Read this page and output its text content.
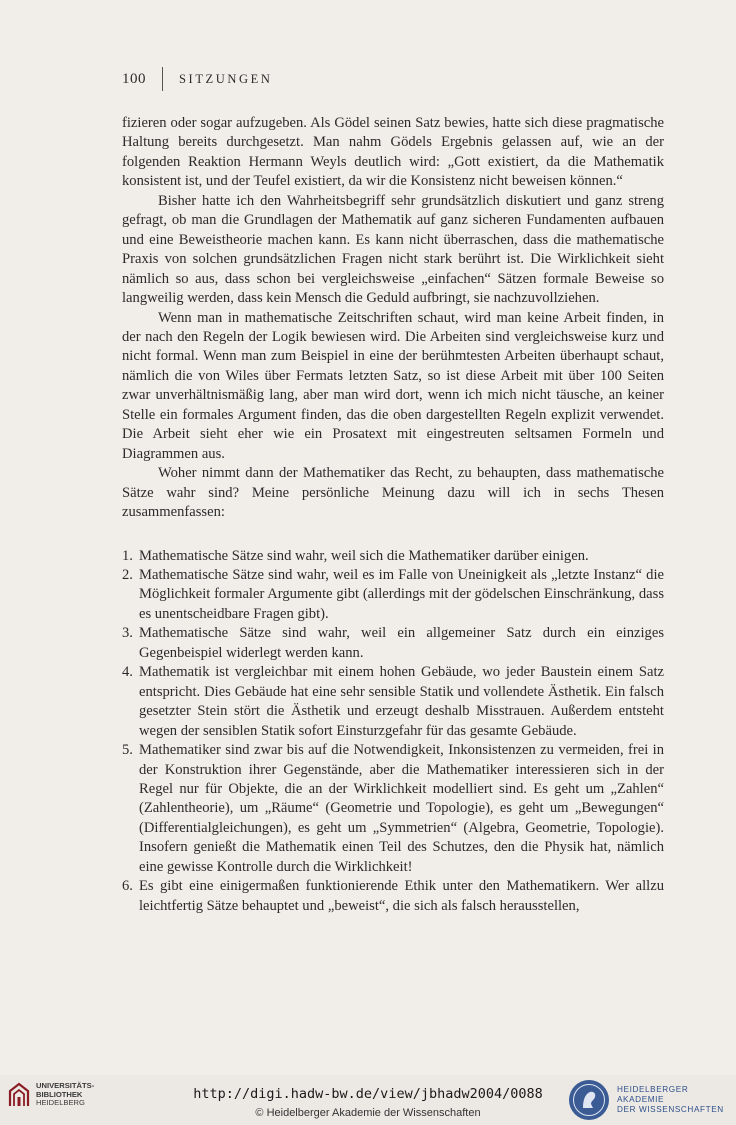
100	SITZUNGEN

fizieren oder sogar aufzugeben. Als Gödel seinen Satz bewies, hatte sich diese pragmatische Haltung bereits durchgesetzt. Man nahm Gödels Ergebnis gelassen auf, wie an der folgenden Reaktion Hermann Weyls deutlich wird: „Gott existiert, da die Mathematik konsistent ist, und der Teufel existiert, da wir die Konsistenz nicht beweisen können.“

Bisher hatte ich den Wahrheitsbegriff sehr grundsätzlich diskutiert und ganz streng gefragt, ob man die Grundlagen der Mathematik auf ganz sicheren Fundamenten aufbauen und eine Beweistheorie machen kann. Es kann nicht überraschen, dass die mathematische Praxis von solchen grundsätzlichen Fragen nicht stark berührt ist. Die Wirklichkeit sieht nämlich so aus, dass schon bei vergleichsweise „einfachen“ Sätzen formale Beweise so langweilig werden, dass kein Mensch die Geduld aufbringt, sie nachzuvollziehen.

Wenn man in mathematische Zeitschriften schaut, wird man keine Arbeit finden, in der nach den Regeln der Logik bewiesen wird. Die Arbeiten sind vergleichsweise kurz und nicht formal. Wenn man zum Beispiel in eine der berühmtesten Arbeiten überhaupt schaut, nämlich die von Wiles über Fermats letzten Satz, so ist diese Arbeit mit über 100 Seiten zwar unverhältnismäßig lang, aber man wird dort, wenn ich mich nicht täusche, an keiner Stelle ein formales Argument finden, das die oben dargestellten Regeln explizit verwendet. Die Arbeit sieht eher wie ein Prosatext mit eingestreuten seltsamen Formeln und Diagrammen aus.

Woher nimmt dann der Mathematiker das Recht, zu behaupten, dass mathematische Sätze wahr sind? Meine persönliche Meinung dazu will ich in sechs Thesen zusammenfassen:

1. Mathematische Sätze sind wahr, weil sich die Mathematiker darüber einigen.
2. Mathematische Sätze sind wahr, weil es im Falle von Uneinigkeit als „letzte Instanz“ die Möglichkeit formaler Argumente gibt (allerdings mit der gödelschen Einschränkung, dass es unentscheidbare Fragen gibt).
3. Mathematische Sätze sind wahr, weil ein allgemeiner Satz durch ein einziges Gegenbeispiel widerlegt werden kann.
4. Mathematik ist vergleichbar mit einem hohen Gebäude, wo jeder Baustein einem Satz entspricht. Dies Gebäude hat eine sehr sensible Statik und vollendete Ästhetik. Ein falsch gesetzter Stein stört die Ästhetik und erzeugt deshalb Misstrauen. Außerdem entsteht wegen der sensiblen Statik sofort Einsturzgefahr für das gesamte Gebäude.
5. Mathematiker sind zwar bis auf die Notwendigkeit, Inkonsistenzen zu vermeiden, frei in der Konstruktion ihrer Gegenstände, aber die Mathematiker interessieren sich in der Regel nur für Objekte, die an der Wirklichkeit modelliert sind. Es geht um „Zahlen“ (Zahlentheorie), um „Räume“ (Geometrie und Topologie), es geht um „Bewegungen“ (Differentialgleichungen), es geht um „Symmetrien“ (Algebra, Geometrie, Topologie). Insofern genießt die Mathematik einen Teil des Schutzes, den die Physik hat, nämlich eine gewisse Kontrolle durch die Wirklichkeit!
6. Es gibt eine einigermaßen funktionierende Ethik unter den Mathematikern. Wer allzu leichtfertig Sätze behauptet und „beweist“, die sich als falsch herausstellen,
UNIVERSITÄTS-
BIBLIOTHEK
HEIDELBERG
http://digi.hadw-bw.de/view/jbhadw2004/0088
© Heidelberger Akademie der Wissenschaften
HEIDELBERGER AKADEMIE
DER WISSENSCHAFTEN
